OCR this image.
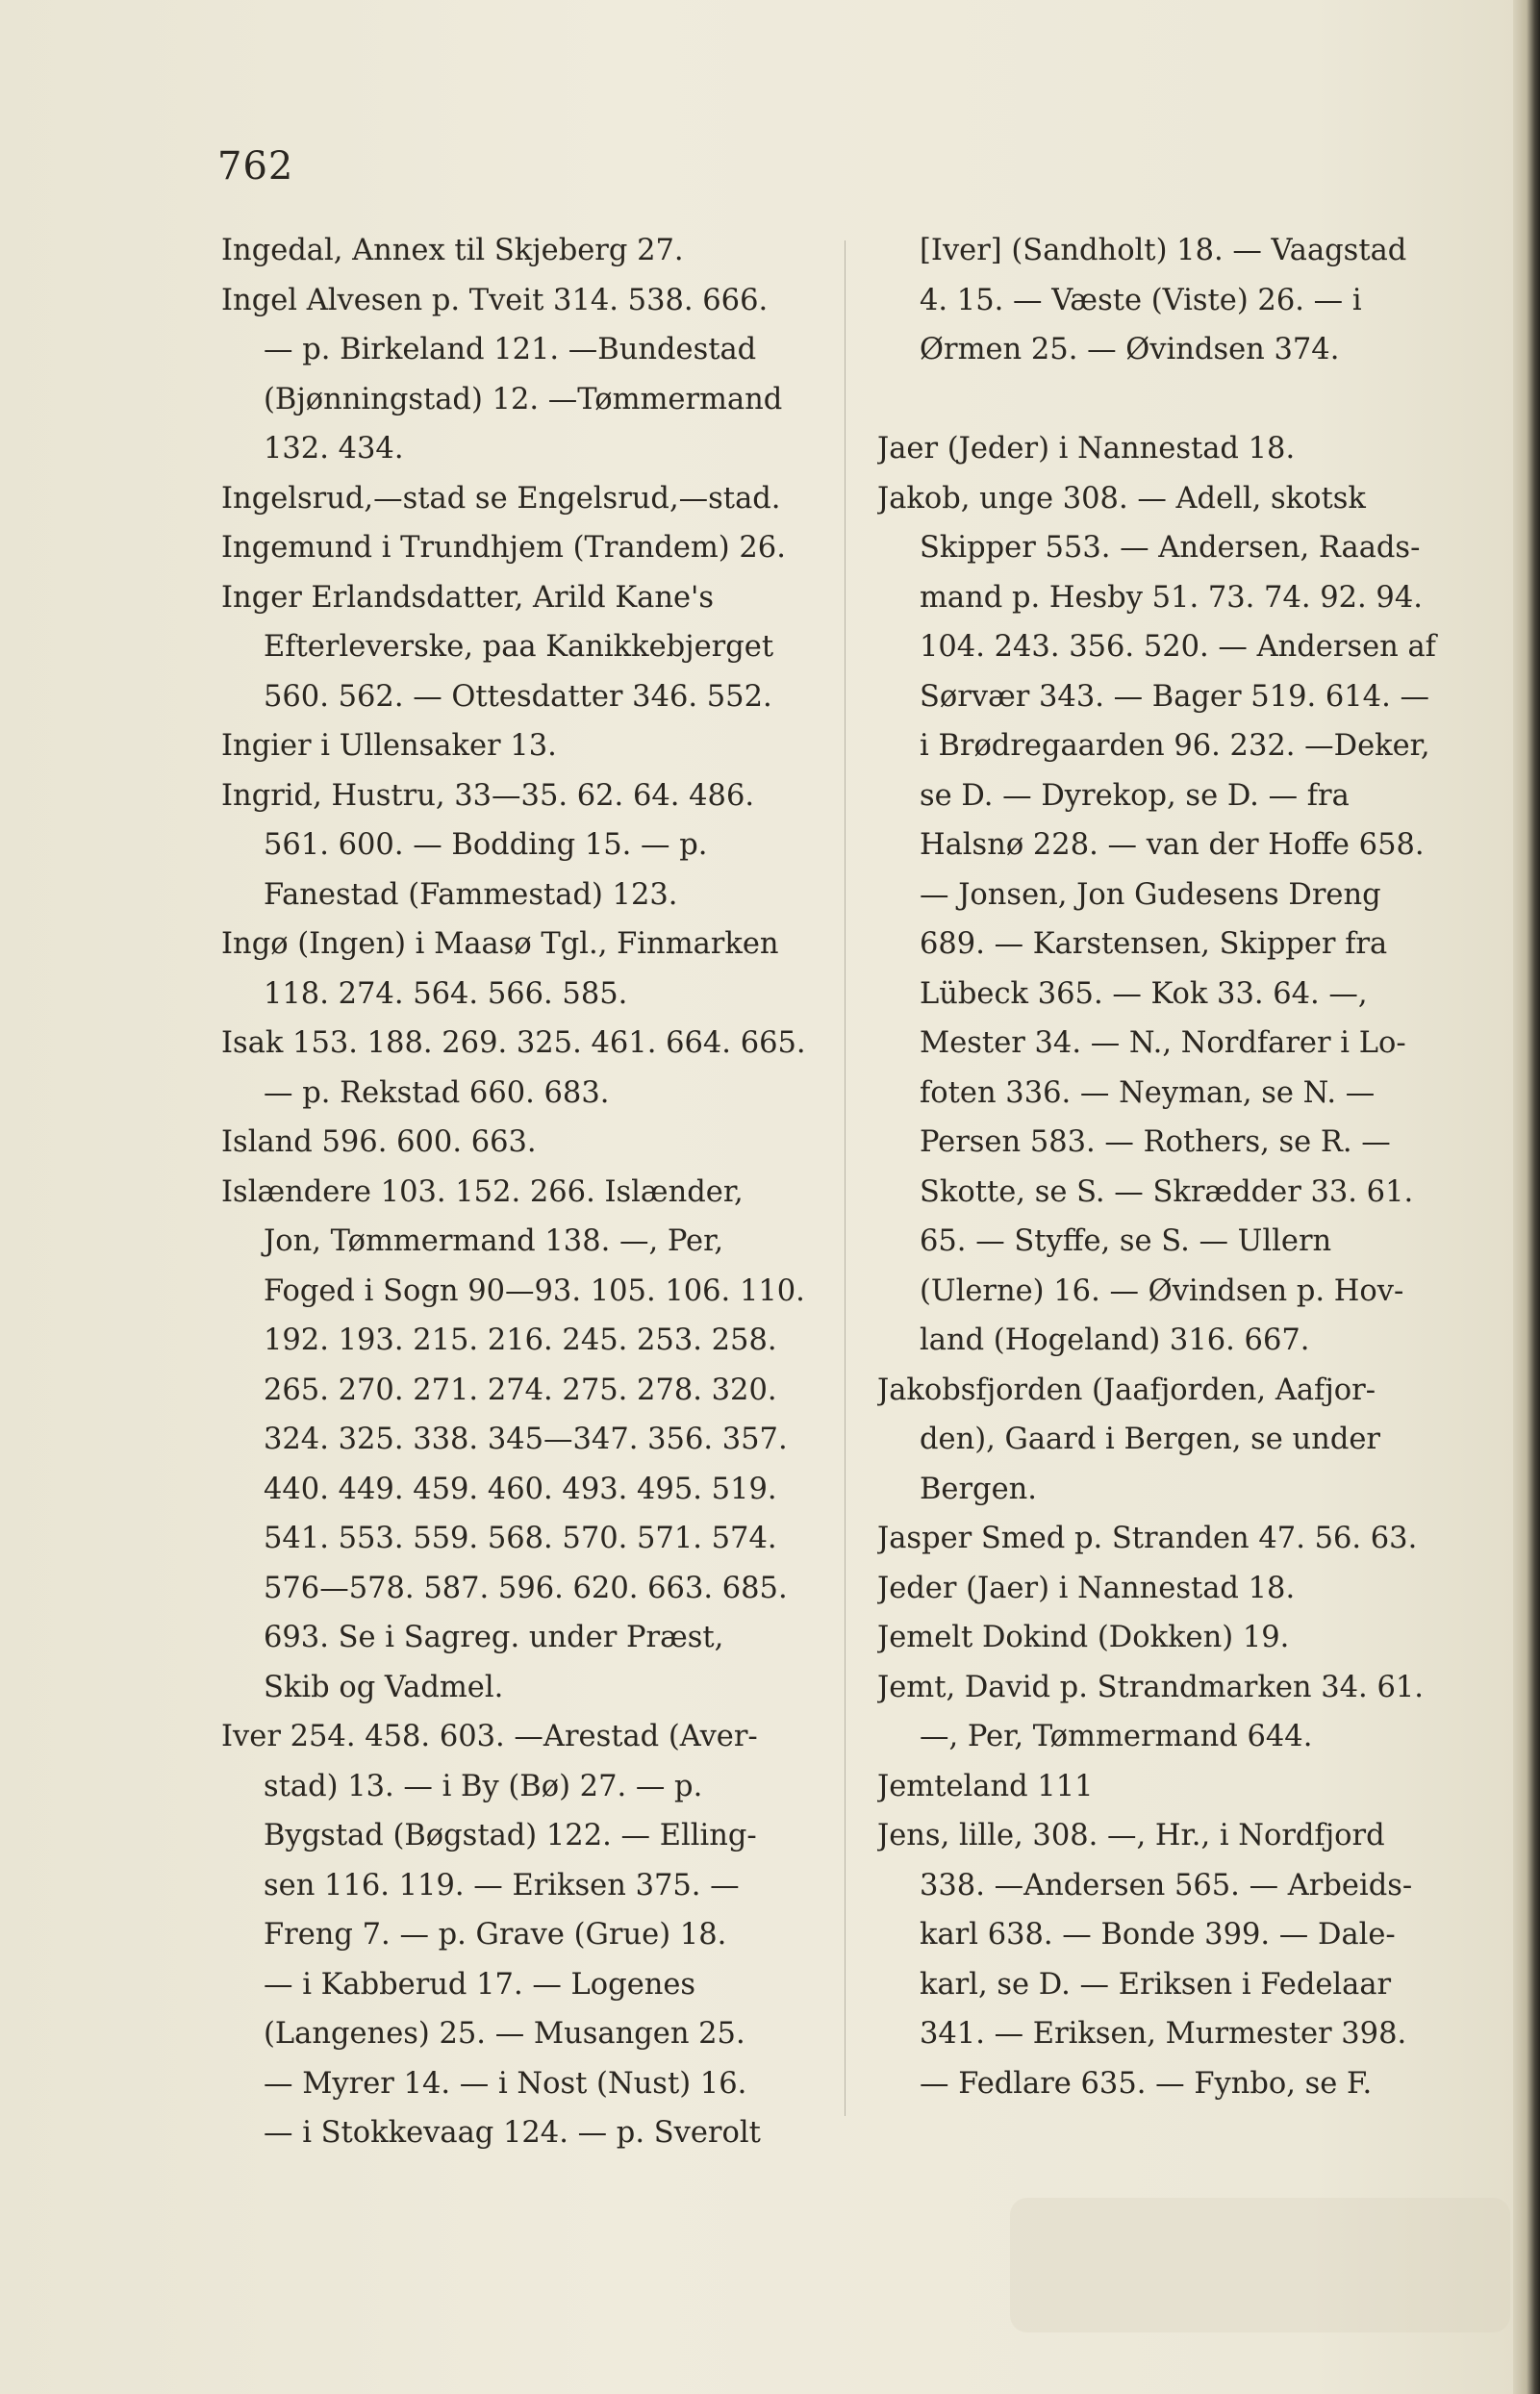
762
Ingedal, Annex til Skjeberg 27.
Ingel Alvesen p. Tveit 314. 538. 666.
— p. Birkeland 121. —Bundestad
(Bjønningstad) 12. —Tømmermand
132. 434.
Ingelsrud,—stad se Engelsrud,—stad.
Ingemund i Trundhjem (Trandem) 26.
Inger Erlandsdatter, Arild Kane's
Efterleverske, paa Kanikkebjerget
560. 562. — Ottesdatter 346. 552.
Ingier i Ullensaker 13.
Ingrid, Hustru, 33—35. 62. 64. 486.
561. 600. — Bodding 15. — p.
Fanestad (Fammestad) 123.
Ingø (Ingen) i Maasø Tgl., Finmarken
118. 274. 564. 566. 585.
Isak 153. 188. 269. 325. 461. 664. 665.
— p. Rekstad 660. 683.
Island 596. 600. 663.
Islændere 103. 152. 266. Islænder,
Jon, Tømmermand 138. —, Per,
Foged i Sogn 90—93. 105. 106. 110.
192. 193. 215. 216. 245. 253. 258.
265. 270. 271. 274. 275. 278. 320.
324. 325. 338. 345—347. 356. 357.
440. 449. 459. 460. 493. 495. 519.
541. 553. 559. 568. 570. 571. 574.
576—578. 587. 596. 620. 663. 685.
693. Se i Sagreg. under Præst,
Skib og Vadmel.
Iver 254. 458. 603. —Arestad (Aver-
stad) 13. — i By (Bø) 27. — p.
Bygstad (Bøgstad) 122. — Elling-
sen 116. 119. — Eriksen 375. —
Freng 7. — p. Grave (Grue) 18.
— i Kabberud 17. — Logenes
(Langenes) 25. — Musangen 25.
— Myrer 14. — i Nost (Nust) 16.
— i Stokkevaag 124. — p. Sverolt
[Iver] (Sandholt) 18. — Vaagstad
4. 15. — Væste (Viste) 26. — i
Ørmen 25. — Øvindsen 374.
Jaer (Jeder) i Nannestad 18.
Jakob, unge 308. — Adell, skotsk
Skipper 553. — Andersen, Raads-
mand p. Hesby 51. 73. 74. 92. 94.
104. 243. 356. 520. — Andersen af
Sørvær 343. — Bager 519. 614. —
i Brødregaarden 96. 232. —Deker,
se D. — Dyrekop, se D. — fra
Halsnø 228. — van der Hoffe 658.
— Jonsen, Jon Gudesens Dreng
689. — Karstensen, Skipper fra
Lübeck 365. — Kok 33. 64. —,
Mester 34. — N., Nordfarer i Lo-
foten 336. — Neyman, se N. —
Persen 583. — Rothers, se R. —
Skotte, se S. — Skrædder 33. 61.
65. — Styffe, se S. — Ullern
(Ulerne) 16. — Øvindsen p. Hov-
land (Hogeland) 316. 667.
Jakobsfjorden (Jaafjorden, Aafjor-
den), Gaard i Bergen, se under
Bergen.
Jasper Smed p. Stranden 47. 56. 63.
Jeder (Jaer) i Nannestad 18.
Jemelt Dokind (Dokken) 19.
Jemt, David p. Strandmarken 34. 61.
—, Per, Tømmermand 644.
Jemteland 111
Jens, lille, 308. —, Hr., i Nordfjord
338. —Andersen 565. — Arbeids-
karl 638. — Bonde 399. — Dale-
karl, se D. — Eriksen i Fedelaar
341. — Eriksen, Murmester 398.
— Fedlare 635. — Fynbo, se F.
